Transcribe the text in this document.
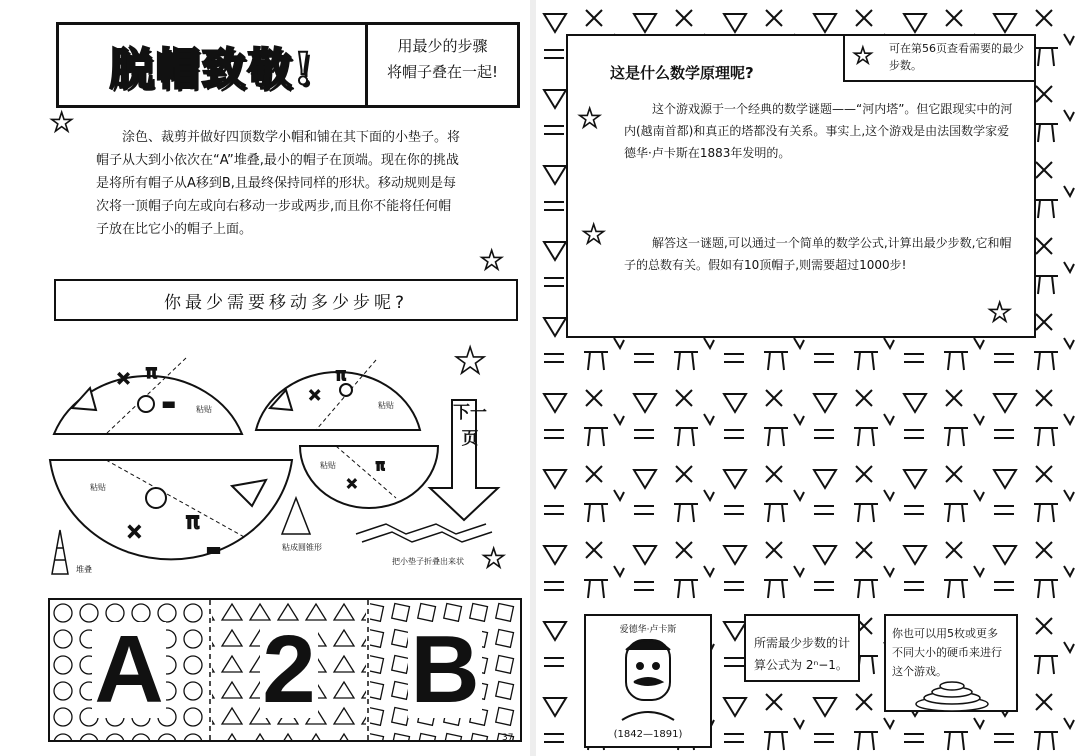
脱帽致敬!	用最少的步骤
将帽子叠在一起!
★	涂色、裁剪并做好四顶数学小帽和铺在其下面的小垫子。将帽子从大到小依次在“A”堆叠,最小的帽子在顶端。现在你的挑战是将所有帽子从A移到B,且最终保持同样的形状。移动规则是每次将一顶帽子向左或向右移动一步或两步,而且你不能将任何帽子放在比它小的帽子上面。

★
你最少需要移动多少步呢?
× π
=
×
π
π
×
=
π
×
粘贴	粘贴
粘贴
粘贴
粘成圆锥形
堆叠
把小垫子折叠出来状
下一页
★
★
A 2 B
37
这是什么数学原理呢?
★	这个游戏源于一个经典的数学谜题——“河内塔”。但它跟现实中的河内(越南首都)和真正的塔都没有关系。事实上,这个游戏是由法国数学家爱德华·卢卡斯在1883年发明的。

★	解答这一谜题,可以通过一个简单的数学公式,计算出最少步数,它和帽子的总数有关。假如有10顶帽子,则需要超过1000步!

★
★ 可在第56页查看需要的最少步数。
爱德华·卢卡斯
(1842—1891)
所需最少步数的计算公式为 2ⁿ−1。
你也可以用5枚或更多不同大小的硬币来进行这个游戏。
